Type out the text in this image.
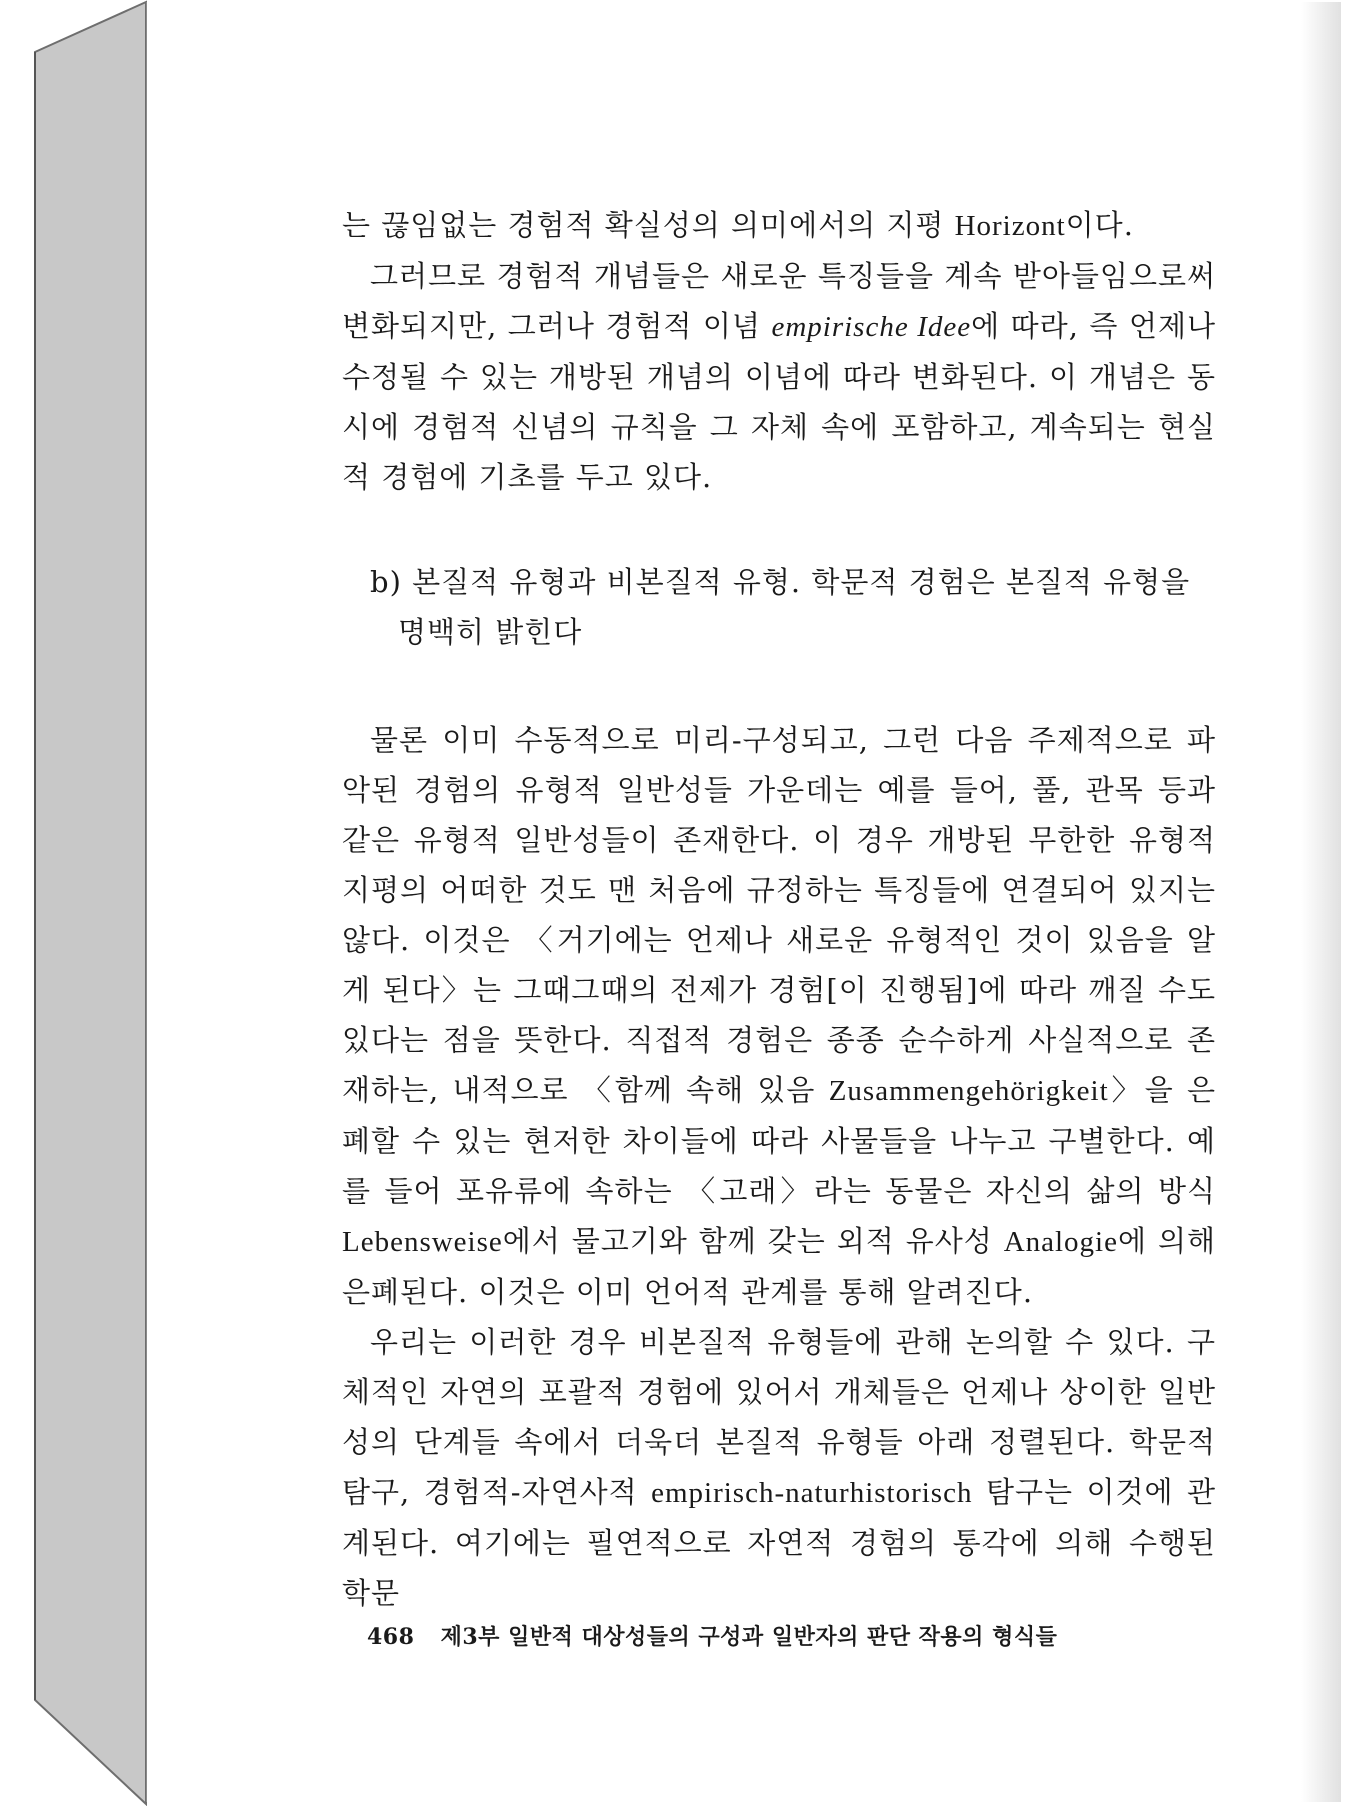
는 끊임없는 경험적 확실성의 의미에서의 지평 Horizont이다.

그러므로 경험적 개념들은 새로운 특징들을 계속 받아들임으로써 변화되지만, 그러나 경험적 이념 empirische Idee에 따라, 즉 언제나 수정될 수 있는 개방된 개념의 이념에 따라 변화된다. 이 개념은 동시에 경험적 신념의 규칙을 그 자체 속에 포함하고, 계속되는 현실적 경험에 기초를 두고 있다.

b) 본질적 유형과 비본질적 유형. 학문적 경험은 본질적 유형을
명백히 밝힌다

물론 이미 수동적으로 미리-구성되고, 그런 다음 주제적으로 파악된 경험의 유형적 일반성들 가운데는 예를 들어, 풀, 관목 등과 같은 유형적 일반성들이 존재한다. 이 경우 개방된 무한한 유형적 지평의 어떠한 것도 맨 처음에 규정하는 특징들에 연결되어 있지는 않다. 이것은 〈거기에는 언제나 새로운 유형적인 것이 있음을 알게 된다〉는 그때그때의 전제가 경험[이 진행됨]에 따라 깨질 수도 있다는 점을 뜻한다. 직접적 경험은 종종 순수하게 사실적으로 존재하는, 내적으로 〈함께 속해 있음 Zusammengehörigkeit〉을 은폐할 수 있는 현저한 차이들에 따라 사물들을 나누고 구별한다. 예를 들어 포유류에 속하는 〈고래〉라는 동물은 자신의 삶의 방식 Lebensweise에서 물고기와 함께 갖는 외적 유사성 Analogie에 의해 은폐된다. 이것은 이미 언어적 관계를 통해 알려진다.

우리는 이러한 경우 비본질적 유형들에 관해 논의할 수 있다. 구체적인 자연의 포괄적 경험에 있어서 개체들은 언제나 상이한 일반성의 단계들 속에서 더욱더 본질적 유형들 아래 정렬된다. 학문적 탐구, 경험적-자연사적 empirisch-naturhistorisch 탐구는 이것에 관계된다. 여기에는 필연적으로 자연적 경험의 통각에 의해 수행된 학문

468 제3부 일반적 대상성들의 구성과 일반자의 판단 작용의 형식들
